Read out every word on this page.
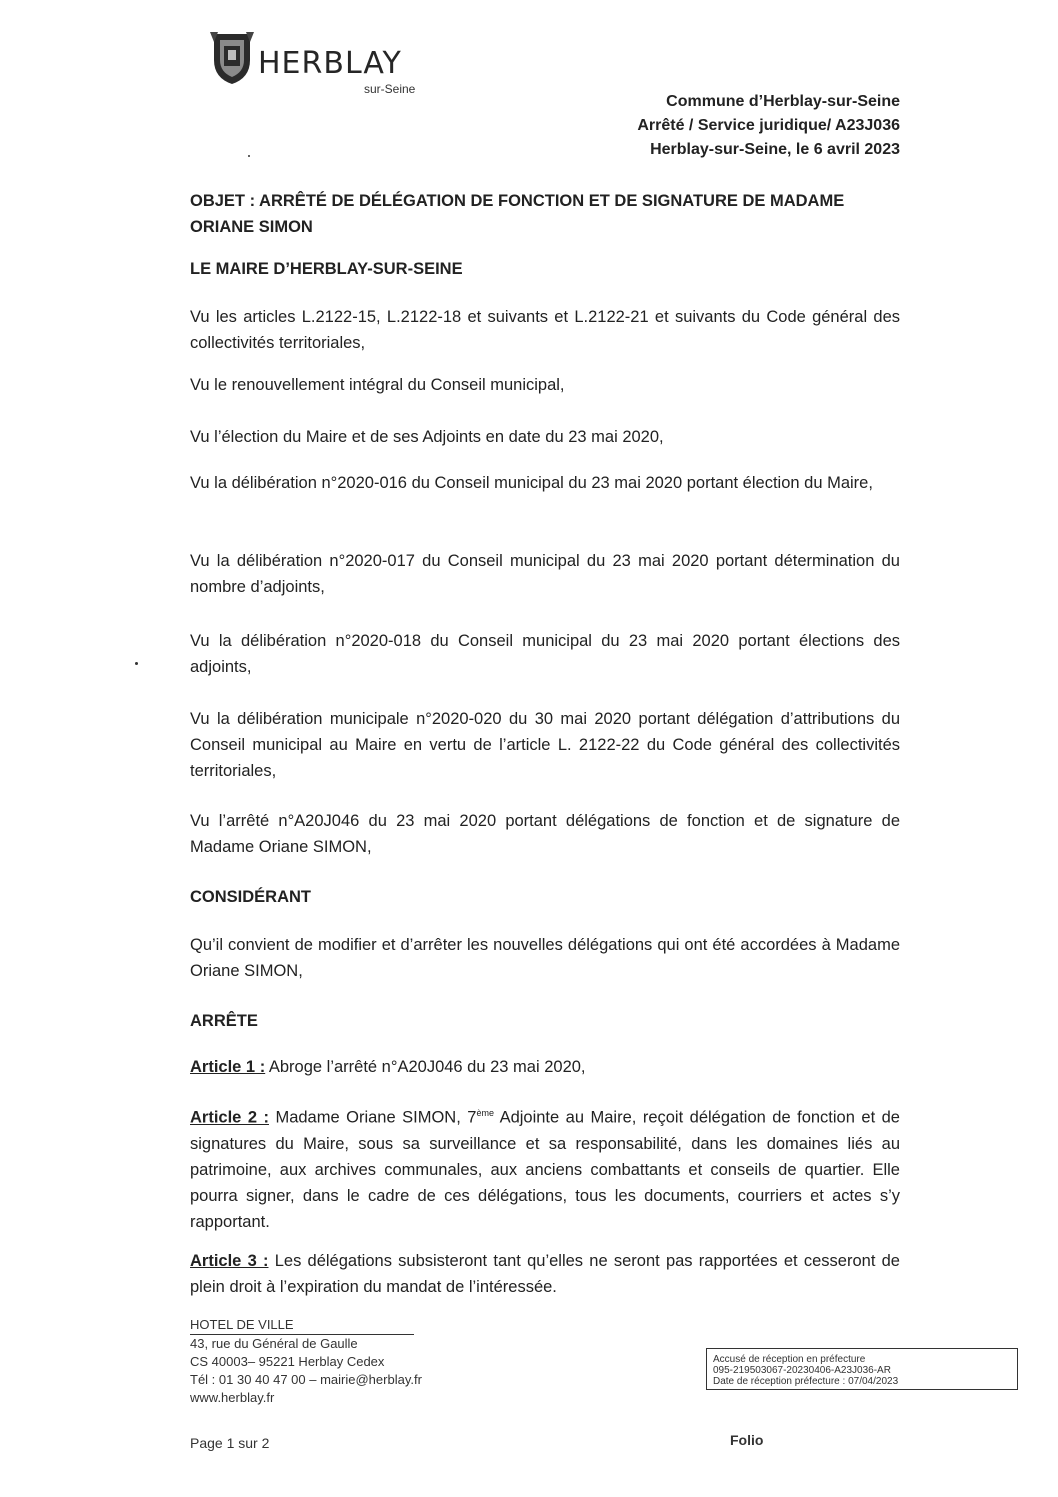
HERBLAY
sur-Seine
Commune d’Herblay-sur-Seine
Arrêté / Service juridique/ A23J036
Herblay-sur-Seine, le 6 avril 2023
OBJET : ARRÊTÉ DE DÉLÉGATION DE FONCTION ET DE SIGNATURE DE MADAME ORIANE SIMON
LE MAIRE D’HERBLAY-SUR-SEINE
Vu les articles L.2122-15, L.2122-18 et suivants et L.2122-21 et suivants du Code général des collectivités territoriales,
Vu le renouvellement intégral du Conseil municipal,
Vu l’élection du Maire et de ses Adjoints en date du 23 mai 2020,
Vu la délibération n°2020-016 du Conseil municipal du 23 mai 2020 portant élection du Maire,
Vu la délibération n°2020-017 du Conseil municipal du 23 mai 2020 portant détermination du nombre d’adjoints,
Vu la délibération n°2020-018 du Conseil municipal du 23 mai 2020 portant élections des adjoints,
Vu la délibération municipale n°2020-020 du 30 mai 2020 portant délégation d’attributions du Conseil municipal au Maire en vertu de l’article L. 2122-22 du Code général des collectivités territoriales,
Vu l’arrêté n°A20J046 du 23 mai 2020 portant délégations de fonction et de signature de Madame Oriane SIMON,
CONSIDÉRANT
Qu’il convient de modifier et d’arrêter les nouvelles délégations qui ont été accordées à Madame Oriane SIMON,
ARRÊTE
Article 1 : Abroge l’arrêté n°A20J046 du 23 mai 2020,
Article 2 : Madame Oriane SIMON, 7ème Adjointe au Maire, reçoit délégation de fonction et de signatures du Maire, sous sa surveillance et sa responsabilité, dans les domaines liés au patrimoine, aux archives communales, aux anciens combattants et conseils de quartier. Elle pourra signer, dans le cadre de ces délégations, tous les documents, courriers et actes s’y rapportant.
Article 3 : Les délégations subsisteront tant qu’elles ne seront pas rapportées et cesseront de plein droit à l’expiration du mandat de l’intéressée.
HOTEL DE VILLE
43, rue du Général de Gaulle
CS 40003– 95221 Herblay Cedex
Tél : 01 30 40 47 00 – mairie@herblay.fr
www.herblay.fr
Accusé de réception en préfecture
095-219503067-20230406-A23J036-AR
Date de réception préfecture : 07/04/2023
Page 1 sur 2	Folio
